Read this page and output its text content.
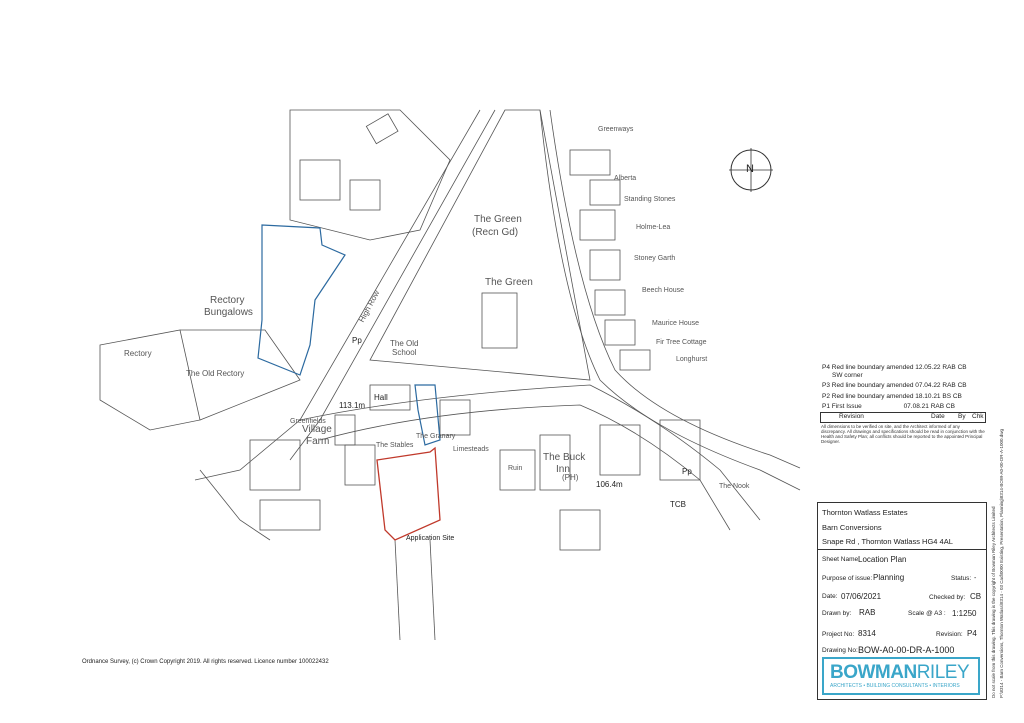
The Green
(Recn Gd)
The Green
Rectory
Bungalows
Rectory
The Old Rectory
High Row
Pp	The Old
School
Greenways
Alberta
Standing Stones
Holme-Lea
Stoney Garth
Beech House
Maurice House
Fir Tree Cottage
Longhurst
Hall
113.1m
Greenfields
Village
Farm	The Granary
The Stables
Limesteads
Ruin
The Buck
Inn
(PH)
106.4m
Pp
The Nook
TCB
Application Site
N
Ordnance Survey, (c) Crown Copyright 2019. All rights reserved. Licence number 100022432
P4 Red line boundary amended 12.05.22 RAB CB
SW corner
P3 Red line boundary amended 07.04.22 RAB CB
P2 Red line boundary amended 18.10.21 BS CB
P1 First Issue	07.08.21 RAB CB
Revision	Date By Chk
All dimensions to be verified on site, and the Architect informed of any discrepancy. All drawings and specifications should be read in conjunction with the Health and Safety Plan; all conflicts should be reported to the appointed Principal Designer.
Thornton Watlass Estates
Barn Conversions
Snape Rd , Thornton Watlass HG4 4AL
Sheet Name:
Location Plan
Purpose of issue: Planning	Status: -
Date: 07/06/2021	Checked by: CB
Drawn by: RAB	Scale @ A3 : 1:1250
Project No: 8314	Revision: P4
Drawing No: BOW-A0-00-DR-A-1000
BOWMANRILEY
ARCHITECTS • BUILDING CONSULTANTS • INTERIORS	P:\8314 - Barn Conversions, Thornton Watlass\8314 - 03 Cad\0000 Existing, Presentation, Planning\8314-BOW-A0-00-DR-A-1000.dwg
Do not scale from this drawing. This drawing is the copyright of Bowman Riley Architects Limited
